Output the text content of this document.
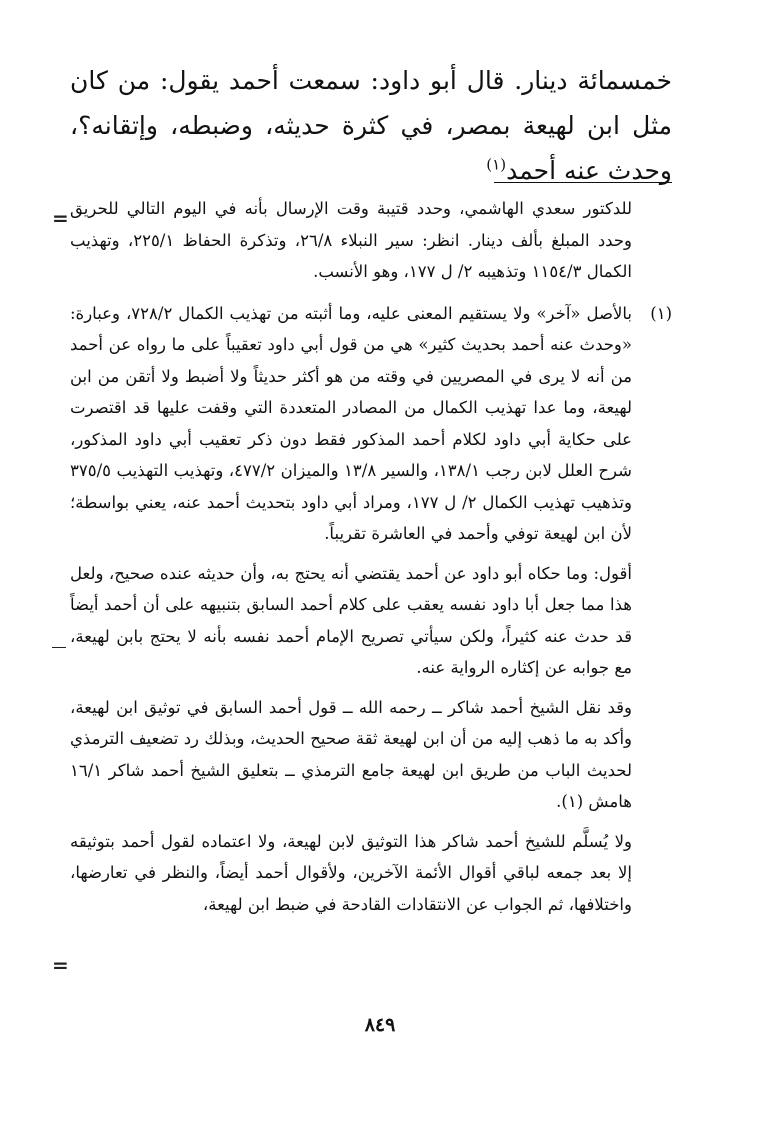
خمسمائة دينار. قال أبو داود: سمعت أحمد يقول: من كان مثل ابن لهيعة بمصر، في كثرة حديثه، وضبطه، وإتقانه؟، وحدث عنه أحمد$^{(١)}$

= للدكتور سعدي الهاشمي، وحدد قتيبة وقت الإرسال بأنه في اليوم التالي للحريق وحدد المبلغ بألف دينار. انظر: سير النبلاء ٢٦/٨، وتذكرة الحفاظ ٢٢٥/١، وتهذيب الكمال ١١٥٤/٣ وتذهيبه ٢/ ل ١٧٧، وهو الأنسب.

(١)

بالأصل «آخر» ولا يستقيم المعنى عليه، وما أثبته من تهذيب الكمال ٧٢٨/٢، وعبارة: «وحدث عنه أحمد بحديث كثير» هي من قول أبي داود تعقيباً على ما رواه عن أحمد من أنه لا يرى في المصريين في وقته من هو أكثر حديثاً ولا أضبط ولا أتقن من ابن لهيعة، وما عدا تهذيب الكمال من المصادر المتعددة التي وقفت عليها قد اقتصرت على حكاية أبي داود لكلام أحمد المذكور فقط دون ذكر تعقيب أبي داود المذكور، شرح العلل لابن رجب ١٣٨/١، والسير ١٣/٨ والميزان ٤٧٧/٢، وتهذيب التهذيب ٣٧٥/٥ وتذهيب تهذيب الكمال ٢/ ل ١٧٧، ومراد أبي داود بتحديث أحمد عنه، يعني بواسطة؛ لأن ابن لهيعة توفي وأحمد في العاشرة تقريباً.

أقول: وما حكاه أبو داود عن أحمد يقتضي أنه يحتج به، وأن حديثه عنده صحيح، ولعل هذا مما جعل أبا داود نفسه يعقب على كلام أحمد السابق بتنبيهه على أن أحمد أيضاً قد حدث عنه كثيراً، ولكن سيأتي تصريح الإمام أحمد نفسه بأنه لا يحتج بابن لهيعة، مع جوابه عن إكثاره الرواية عنه.

وقد نقل الشيخ أحمد شاكر ــ رحمه الله ــ قول أحمد السابق في توثيق ابن لهيعة، وأكد به ما ذهب إليه من أن ابن لهيعة ثقة صحيح الحديث، وبذلك رد تضعيف الترمذي لحديث الباب من طريق ابن لهيعة جامع الترمذي ــ بتعليق الشيخ أحمد شاكر ١٦/١ هامش (١).

ولا يُسلَّم للشيخ أحمد شاكر هذا التوثيق لابن لهيعة، ولا اعتماده لقول أحمد بتوثيقه إلا بعد جمعه لباقي أقوال الأئمة الآخرين، ولأقوال أحمد أيضاً، والنظر في تعارضها، واختلافها، ثم الجواب عن الانتقادات القادحة في ضبط ابن لهيعة،

=
٨٤٩
